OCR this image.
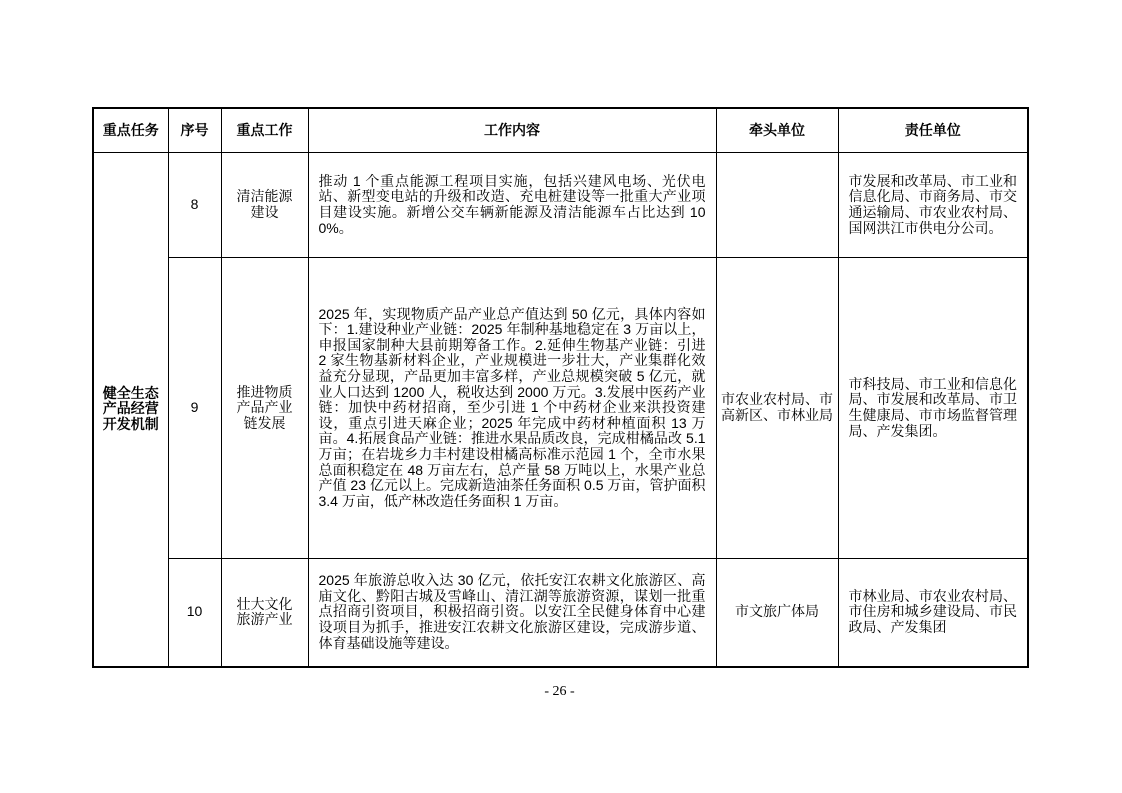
重点任务	序号	重点工作	工作内容	牵头单位	责任单位
健全生态产品经营开发机制	8	清洁能源建设	推动 1 个重点能源工程项目实施，包括兴建风电场、光伏电站、新型变电站的升级和改造、充电桩建设等一批重大产业项目建设实施。新增公交车辆新能源及清洁能源车占比达到 100%。		市发展和改革局、市工业和信息化局、市商务局、市交通运输局、市农业农村局、国网洪江市供电分公司。
	9	推进物质产品产业链发展	2025 年，实现物质产品产业总产值达到 50 亿元，具体内容如下：1.建设种业产业链：2025 年制种基地稳定在 3 万亩以上，申报国家制种大县前期筹备工作。2.延伸生物基产业链：引进 2 家生物基新材料企业，产业规模进一步壮大，产业集群化效益充分显现，产品更加丰富多样，产业总规模突破 5 亿元，就业人口达到 1200 人，税收达到 2000 万元。3.发展中医药产业链：加快中药材招商，至少引进 1 个中药材企业来洪投资建设，重点引进天麻企业；2025 年完成中药材种植面积 13 万亩。4.拓展食品产业链：推进水果品质改良，完成柑橘品改 5.1 万亩；在岩垅乡力丰村建设柑橘高标准示范园 1 个，全市水果总面积稳定在 48 万亩左右，总产量 58 万吨以上，水果产业总产值 23 亿元以上。完成新造油茶任务面积 0.5 万亩，管护面积 3.4 万亩，低产林改造任务面积 1 万亩。	市农业农村局、市高新区、市林业局	市科技局、市工业和信息化局、市发展和改革局、市卫生健康局、市市场监督管理局、产发集团。
	10	壮大文化旅游产业	2025 年旅游总收入达 30 亿元，依托安江农耕文化旅游区、高庙文化、黔阳古城及雪峰山、清江湖等旅游资源，谋划一批重点招商引资项目，积极招商引资。以安江全民健身体育中心建设项目为抓手，推进安江农耕文化旅游区建设，完成游步道、体育基础设施等建设。	市文旅广体局	市林业局、市农业农村局、市住房和城乡建设局、市民政局、产发集团
- 26 -
